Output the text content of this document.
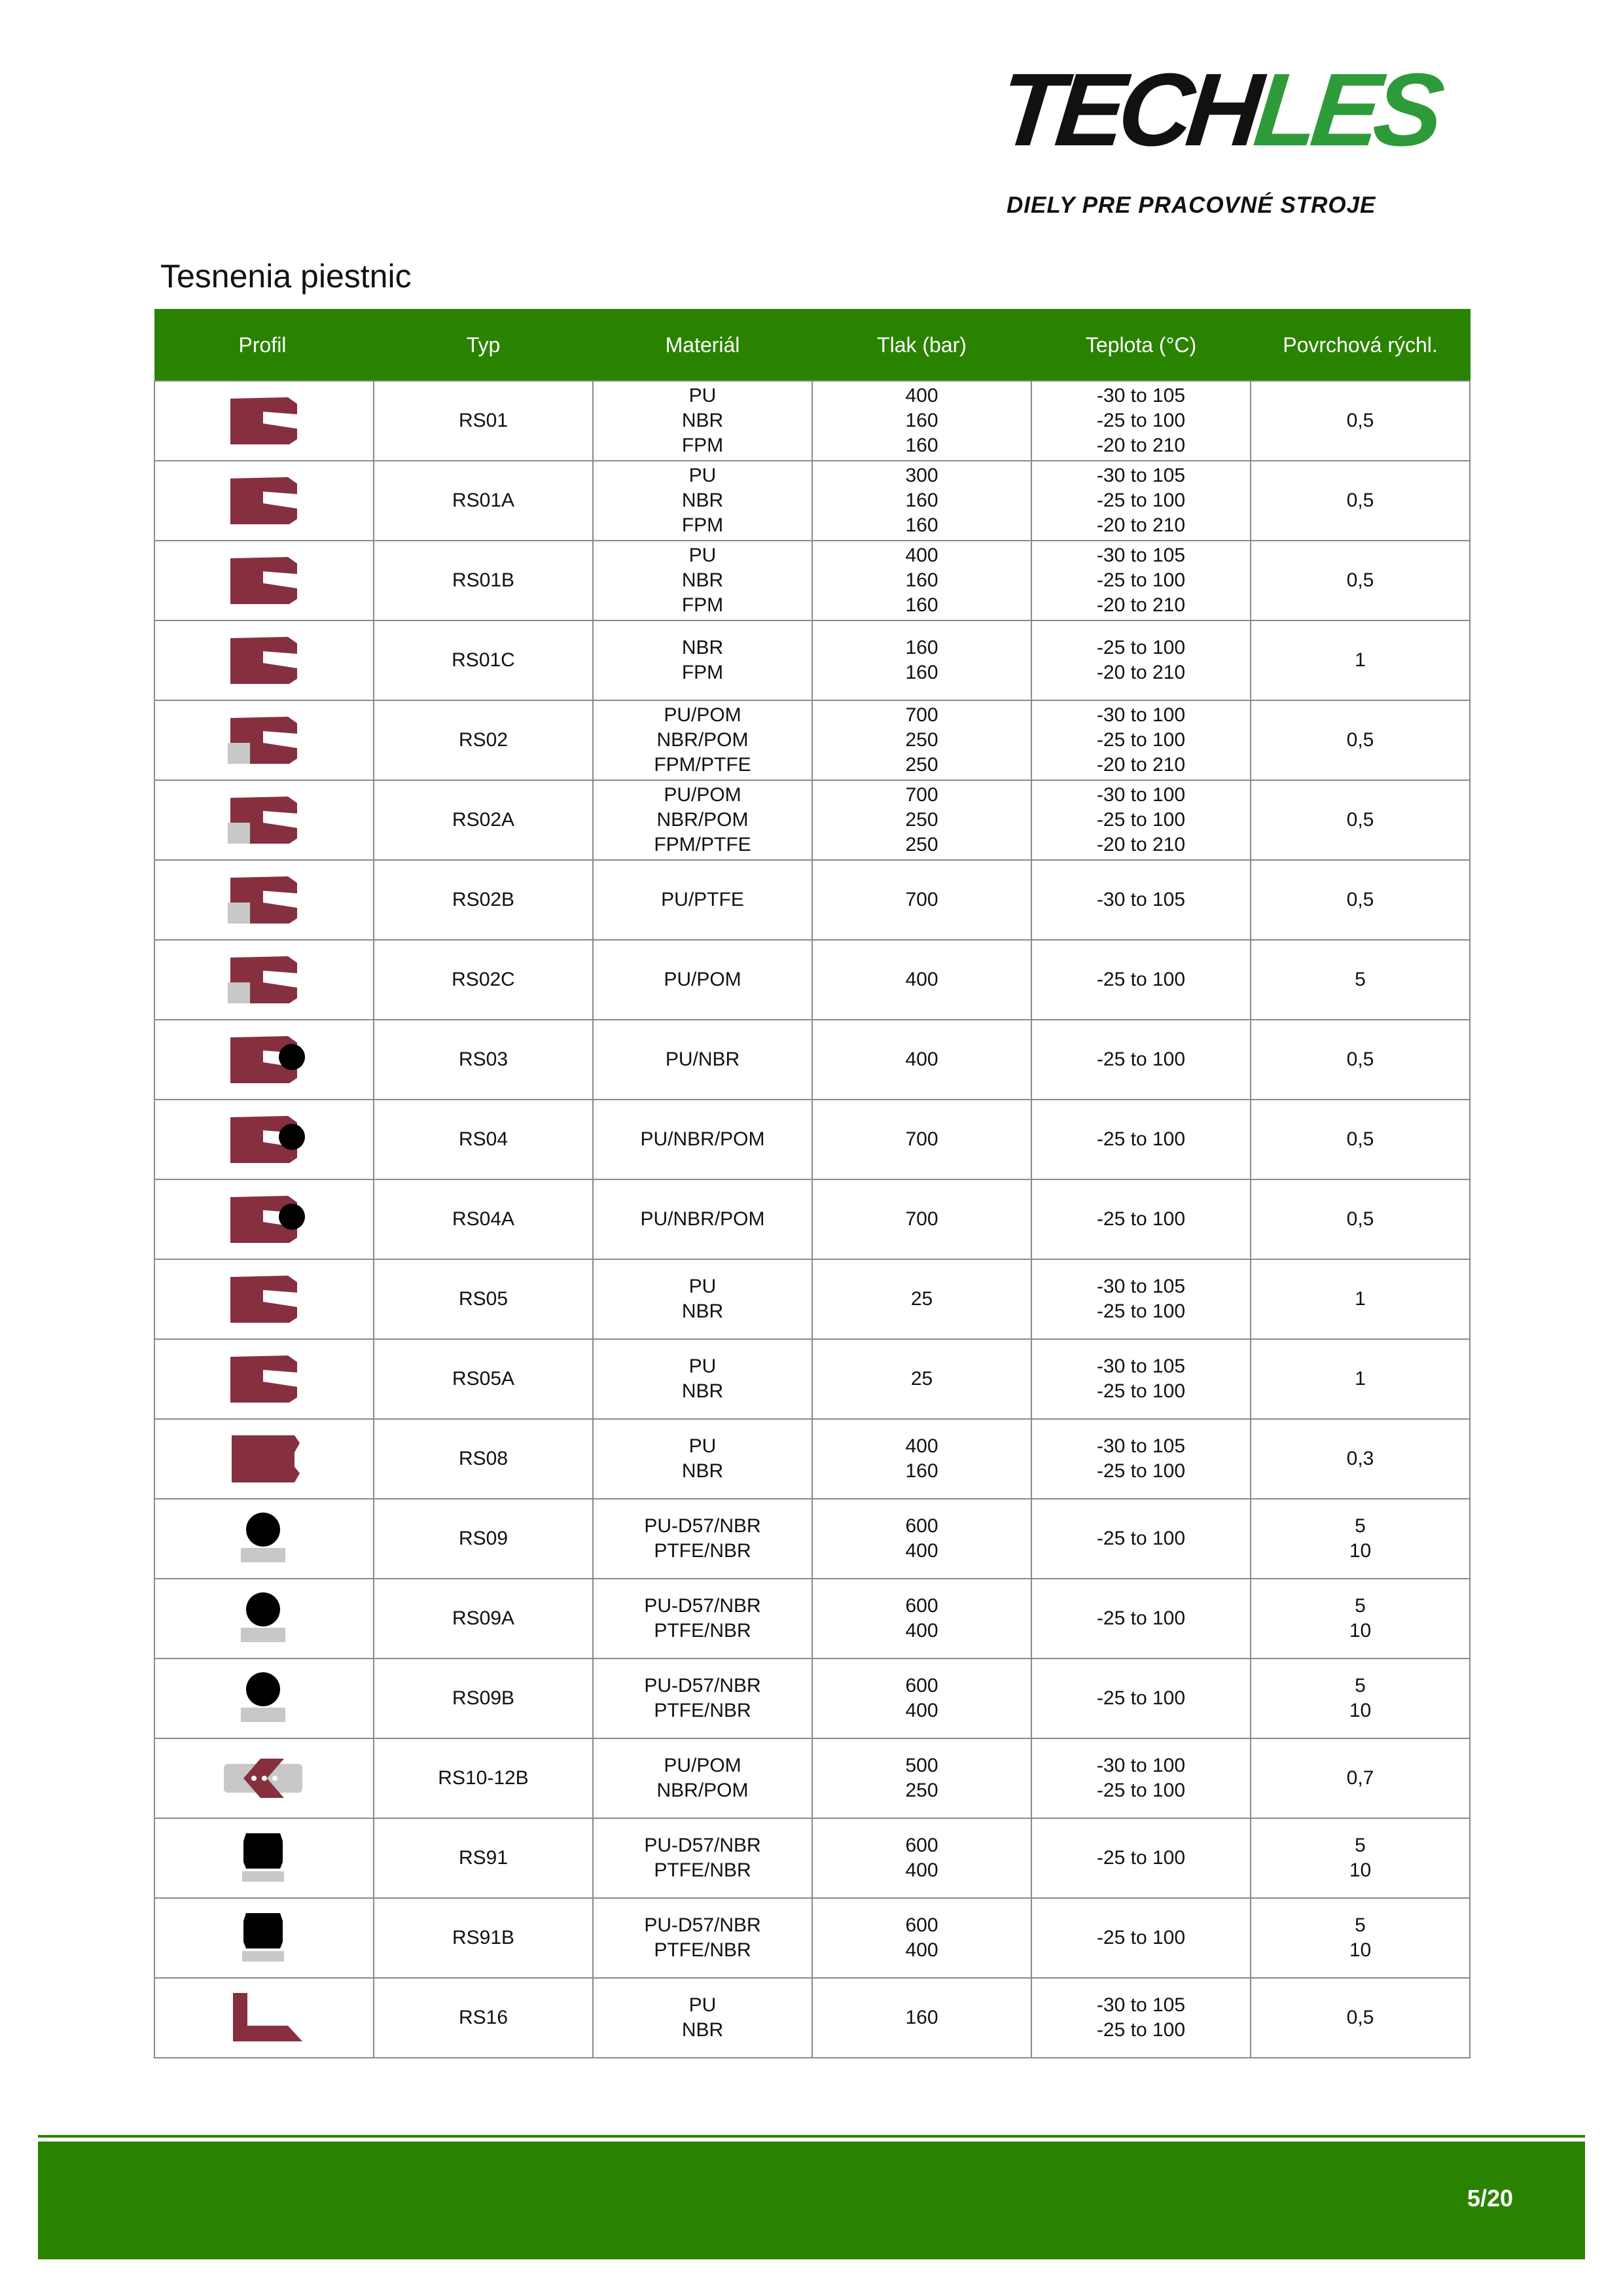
TECHLES
DIELY PRE PRACOVNÉ STROJE
Tesnenia piestnic
Profil	Typ	Materiál	Tlak (bar)	Teplota (°C)	Povrchová rýchl.

	RS01	PU
NBR
FPM	400
160
160	-30 to 105
-25 to 100
-20 to 210	0,5

	RS01A	PU
NBR
FPM	300
160
160	-30 to 105
-25 to 100
-20 to 210	0,5

	RS01B	PU
NBR
FPM	400
160
160	-30 to 105
-25 to 100
-20 to 210	0,5

	RS01C	NBR
FPM	160
160	-25 to 100
-20 to 210	1

	RS02	PU/POM
NBR/POM
FPM/PTFE	700
250
250	-30 to 100
-25 to 100
-20 to 210	0,5

	RS02A	PU/POM
NBR/POM
FPM/PTFE	700
250
250	-30 to 100
-25 to 100
-20 to 210	0,5

	RS02B	PU/PTFE	700	-30 to 105	0,5

	RS02C	PU/POM	400	-25 to 100	5

	RS03	PU/NBR	400	-25 to 100	0,5

	RS04	PU/NBR/POM	700	-25 to 100	0,5

	RS04A	PU/NBR/POM	700	-25 to 100	0,5

	RS05	PU
NBR	25	-30 to 105
-25 to 100	1

	RS05A	PU
NBR	25	-30 to 105
-25 to 100	1

	RS08	PU
NBR	400
160	-30 to 105
-25 to 100	0,3

	RS09	PU-D57/NBR
PTFE/NBR	600
400	-25 to 100	5
10

	RS09A	PU-D57/NBR
PTFE/NBR	600
400	-25 to 100	5
10

	RS09B	PU-D57/NBR
PTFE/NBR	600
400	-25 to 100	5
10

	RS10-12B	PU/POM
NBR/POM	500
250	-30 to 100
-25 to 100	0,7

	RS91	PU-D57/NBR
PTFE/NBR	600
400	-25 to 100	5
10

	RS91B	PU-D57/NBR
PTFE/NBR	600
400	-25 to 100	5
10

	RS16	PU
NBR	160	-30 to 105
-25 to 100	0,5
5/20
